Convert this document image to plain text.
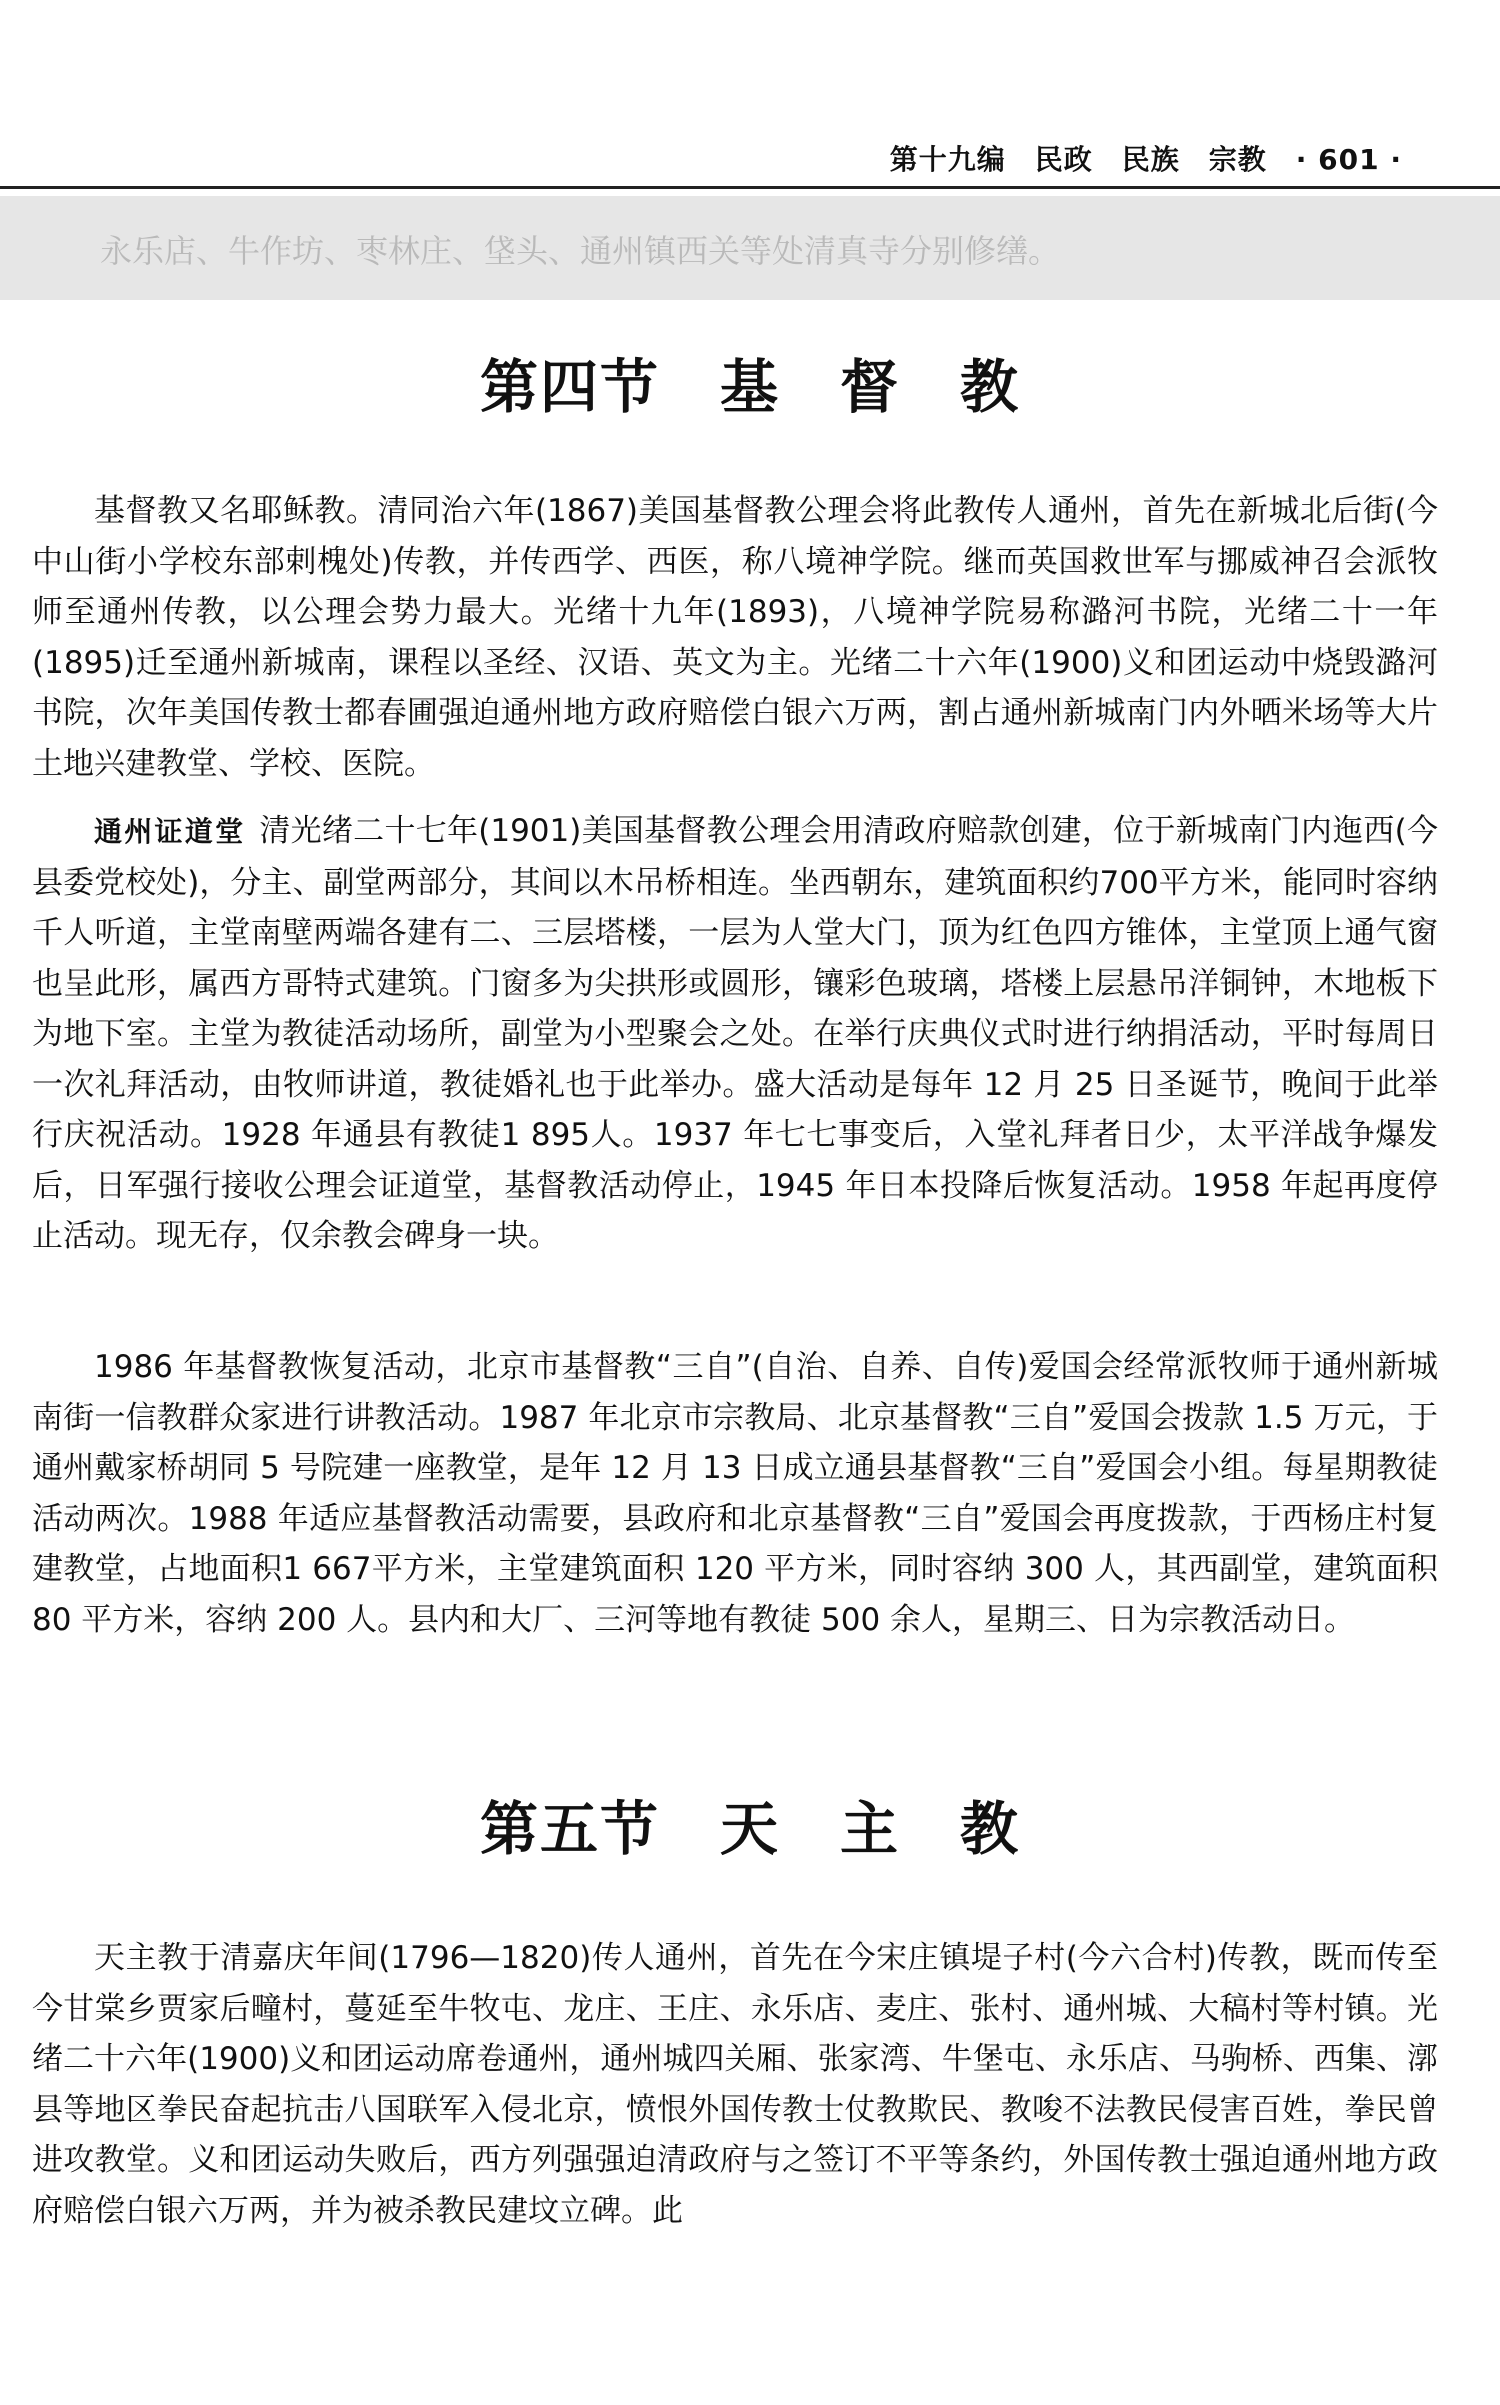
第十九编　民政　民族　宗教　· 601 ·
永乐店、牛作坊、枣林庄、垡头、通州镇西关等处清真寺分别修缮。
第四节　基　督　教
基督教又名耶稣教。清同治六年(1867)美国基督教公理会将此教传人通州，首先在新城北后街(今中山街小学校东部剌槐处)传教，并传西学、西医，称八境神学院。继而英国救世军与挪威神召会派牧师至通州传教，以公理会势力最大。光绪十九年(1893)，八境神学院易称潞河书院，光绪二十一年(1895)迁至通州新城南，课程以圣经、汉语、英文为主。光绪二十六年(1900)义和团运动中烧毁潞河书院，次年美国传教士都春圃强迫通州地方政府赔偿白银六万两，割占通州新城南门内外晒米场等大片土地兴建教堂、学校、医院。
通州证道堂 清光绪二十七年(1901)美国基督教公理会用清政府赔款创建，位于新城南门内迤西(今县委党校处)，分主、副堂两部分，其间以木吊桥相连。坐西朝东，建筑面积约700平方米，能同时容纳千人听道，主堂南壁两端各建有二、三层塔楼，一层为人堂大门，顶为红色四方锥体，主堂顶上通气窗也呈此形，属西方哥特式建筑。门窗多为尖拱形或圆形，镶彩色玻璃，塔楼上层悬吊洋铜钟，木地板下为地下室。主堂为教徒活动场所，副堂为小型聚会之处。在举行庆典仪式时进行纳捐活动，平时每周日一次礼拜活动，由牧师讲道，教徒婚礼也于此举办。盛大活动是每年 12 月 25 日圣诞节，晚间于此举行庆祝活动。1928 年通县有教徒1 895人。1937 年七七事变后，入堂礼拜者日少，太平洋战争爆发后，日军强行接收公理会证道堂，基督教活动停止，1945 年日本投降后恢复活动。1958 年起再度停止活动。现无存，仅余教会碑身一块。
1986 年基督教恢复活动，北京市基督教“三自”(自治、自养、自传)爱国会经常派牧师于通州新城南街一信教群众家进行讲教活动。1987 年北京市宗教局、北京基督教“三自”爱国会拨款 1.5 万元，于通州戴家桥胡同 5 号院建一座教堂，是年 12 月 13 日成立通县基督教“三自”爱国会小组。每星期教徒活动两次。1988 年适应基督教活动需要，县政府和北京基督教“三自”爱国会再度拨款，于西杨庄村复建教堂，占地面积1 667平方米，主堂建筑面积 120 平方米，同时容纳 300 人，其西副堂，建筑面积 80 平方米，容纳 200 人。县内和大厂、三河等地有教徒 500 余人，星期三、日为宗教活动日。
第五节　天　主　教
天主教于清嘉庆年间(1796—1820)传人通州，首先在今宋庄镇堤子村(今六合村)传教，既而传至今甘棠乡贾家后疃村，蔓延至牛牧屯、龙庄、王庄、永乐店、麦庄、张村、通州城、大稿村等村镇。光绪二十六年(1900)义和团运动席卷通州，通州城四关厢、张家湾、牛堡屯、永乐店、马驹桥、西集、漷县等地区拳民奋起抗击八国联军入侵北京，愤恨外国传教士仗教欺民、教唆不法教民侵害百姓，拳民曾进攻教堂。义和团运动失败后，西方列强强迫清政府与之签订不平等条约，外国传教士强迫通州地方政府赔偿白银六万两，并为被杀教民建坟立碑。此
